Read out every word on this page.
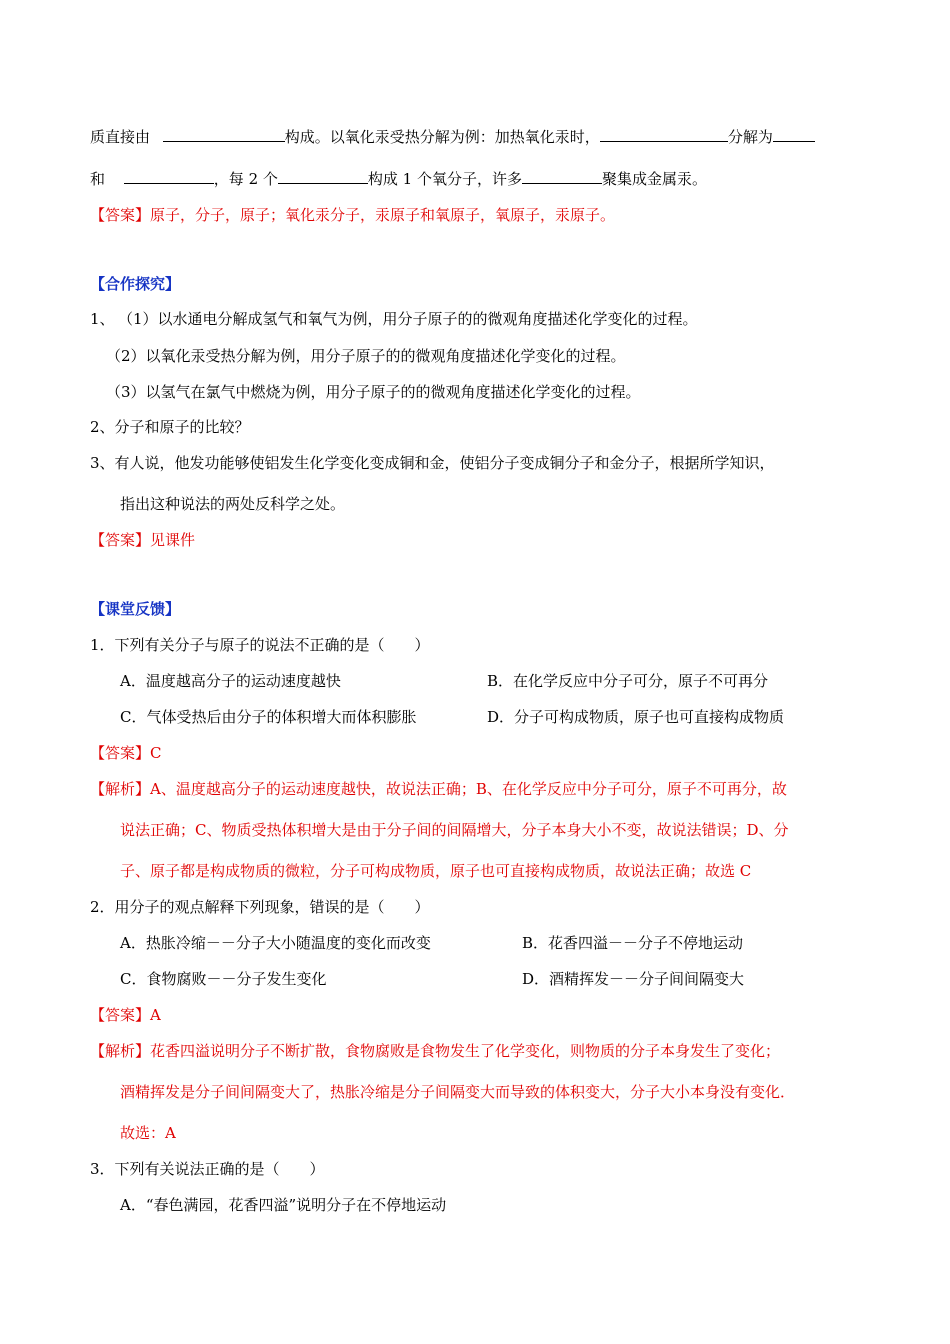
质直接由	构成。以氧化汞受热分解为例：加热氧化汞时，	分解为
和	，每 2 个	构成 1 个氧分子，许多	聚集成金属汞。
【答案】原子，分子，原子；氧化汞分子，汞原子和氧原子，氧原子，汞原子。
【合作探究】
1、 （1）以水通电分解成氢气和氧气为例，用分子原子的的微观角度描述化学变化的过程。
（2）以氧化汞受热分解为例，用分子原子的的微观角度描述化学变化的过程。
（3）以氢气在氯气中燃烧为例，用分子原子的的微观角度描述化学变化的过程。
2、分子和原子的比较？
3、有人说，他发功能够使铝发生化学变化变成铜和金，使铝分子变成铜分子和金分子，根据所学知识，
指出这种说法的两处反科学之处。
【答案】见课件
【课堂反馈】
1．下列有关分子与原子的说法不正确的是（　　）
A．温度越高分子的运动速度越快	B．在化学反应中分子可分，原子不可再分
C．气体受热后由分子的体积增大而体积膨胀	D．分子可构成物质，原子也可直接构成物质
【答案】C
【解析】A、温度越高分子的运动速度越快，故说法正确；B、在化学反应中分子可分，原子不可再分，故
说法正确；C、物质受热体积增大是由于分子间的间隔增大，分子本身大小不变，故说法错误；D、分
子、原子都是构成物质的微粒，分子可构成物质，原子也可直接构成物质，故说法正确；故选 C
2．用分子的观点解释下列现象，错误的是（　　）
A．热胀冷缩－－分子大小随温度的变化而改变	B．花香四溢－－分子不停地运动
C．食物腐败－－分子发生变化	D．酒精挥发－－分子间间隔变大
【答案】A
【解析】花香四溢说明分子不断扩散，食物腐败是食物发生了化学变化，则物质的分子本身发生了变化；
酒精挥发是分子间间隔变大了，热胀冷缩是分子间隔变大而导致的体积变大，分子大小本身没有变化．
故选：A
3．下列有关说法正确的是（　　）
A．“春色满园，花香四溢”说明分子在不停地运动
